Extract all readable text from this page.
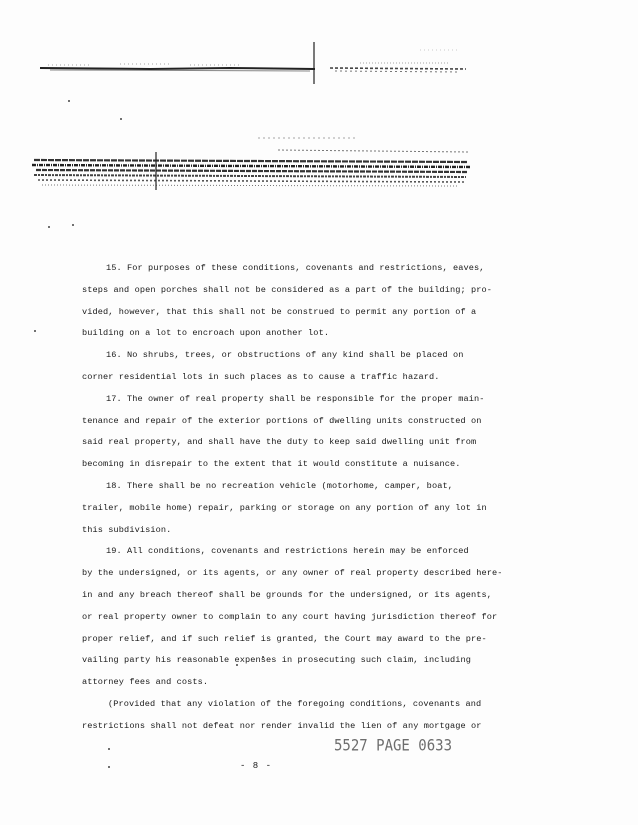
15. For purposes of these conditions, covenants and restrictions, eaves,
steps and open porches shall not be considered as a part of the building; pro-
vided, however, that this shall not be construed to permit any portion of a
building on a lot to encroach upon another lot.

16. No shrubs, trees, or obstructions of any kind shall be placed on
corner residential lots in such places as to cause a traffic hazard.

17. The owner of real property shall be responsible for the proper main-
tenance and repair of the exterior portions of dwelling units constructed on
said real property, and shall have the duty to keep said dwelling unit from
becoming in disrepair to the extent that it would constitute a nuisance.

18. There shall be no recreation vehicle (motorhome, camper, boat,
trailer, mobile home) repair, parking or storage on any portion of any lot in
this subdivision.

19. All conditions, covenants and restrictions herein may be enforced
by the undersigned, or its agents, or any owner of real property described here-
in and any breach thereof shall be grounds for the undersigned, or its agents,
or real property owner to complain to any court having jurisdiction thereof for
proper relief, and if such relief is granted, the Court may award to the pre-
vailing party his reasonable expenses in prosecuting such claim, including
attorney fees and costs.

(Provided that any violation of the foregoing conditions, covenants and
restrictions shall not defeat nor render invalid the lien of any mortgage or

5527 PAGE 0633
- 8 -
